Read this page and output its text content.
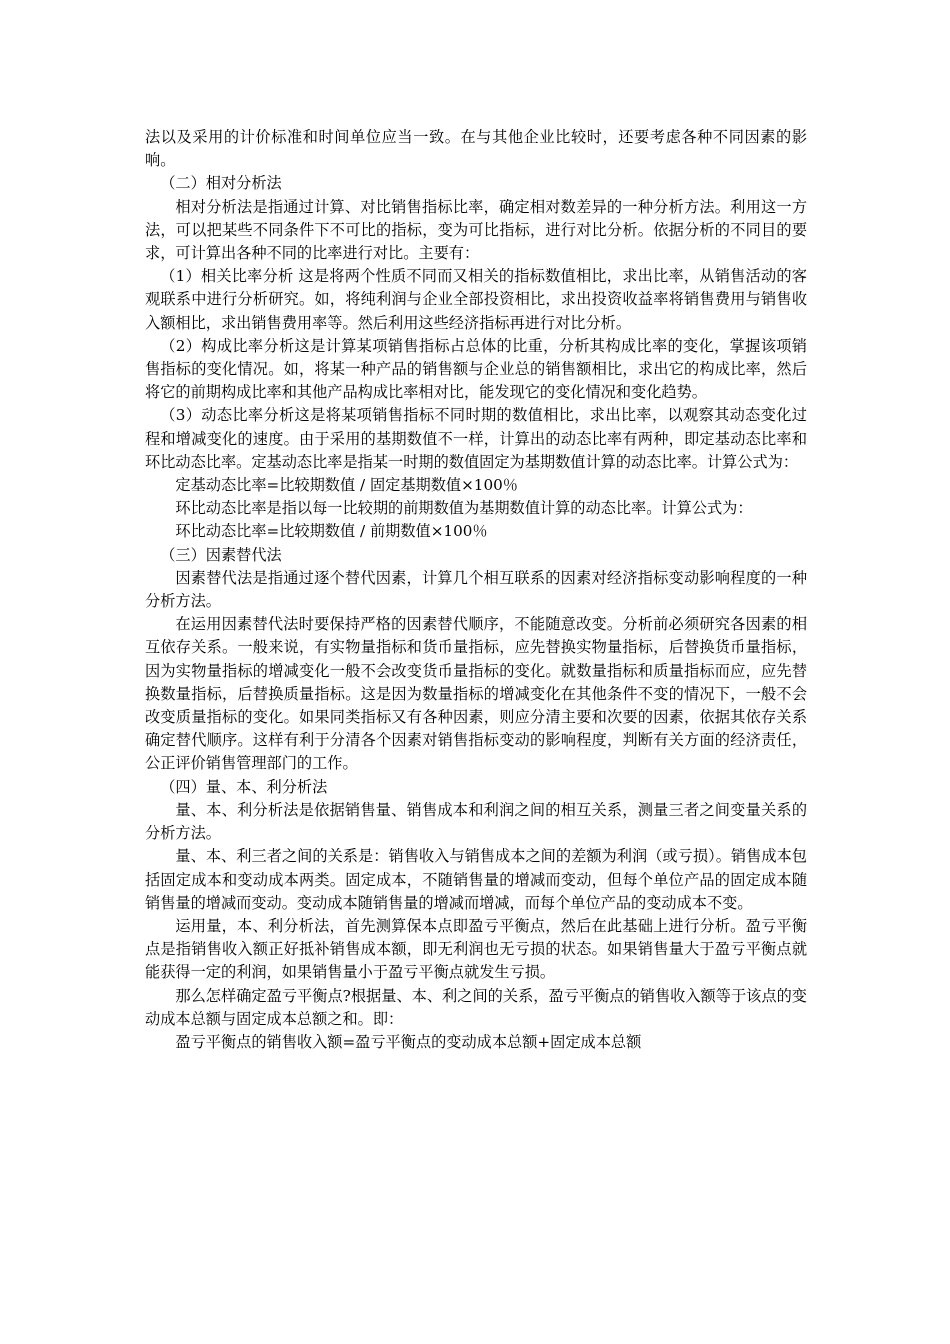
法以及采用的计价标准和时间单位应当一致。在与其他企业比较时，还要考虑各种不同因素的影响。

（二）相对分析法

相对分析法是指通过计算、对比销售指标比率，确定相对数差异的一种分析方法。利用这一方法，可以把某些不同条件下不可比的指标，变为可比指标，进行对比分析。依据分析的不同目的要求，可计算出各种不同的比率进行对比。主要有：

（1）相关比率分析 这是将两个性质不同而又相关的指标数值相比，求出比率，从销售活动的客观联系中进行分析研究。如，将纯利润与企业全部投资相比，求出投资收益率将销售费用与销售收入额相比，求出销售费用率等。然后利用这些经济指标再进行对比分析。

（2）构成比率分析这是计算某项销售指标占总体的比重，分析其构成比率的变化，掌握该项销售指标的变化情况。如，将某一种产品的销售额与企业总的销售额相比，求出它的构成比率，然后将它的前期构成比率和其他产品构成比率相对比，能发现它的变化情况和变化趋势。

（3）动态比率分析这是将某项销售指标不同时期的数值相比，求出比率，以观察其动态变化过程和增减变化的速度。由于采用的基期数值不一样，计算出的动态比率有两种，即定基动态比率和环比动态比率。定基动态比率是指某一时期的数值固定为基期数值计算的动态比率。计算公式为：

定基动态比率=比较期数值 / 固定基期数值×100％

环比动态比率是指以每一比较期的前期数值为基期数值计算的动态比率。计算公式为：

环比动态比率=比较期数值 / 前期数值×100％

（三）因素替代法

因素替代法是指通过逐个替代因素，计算几个相互联系的因素对经济指标变动影响程度的一种分析方法。

在运用因素替代法时要保持严格的因素替代顺序，不能随意改变。分析前必须研究各因素的相互依存关系。一般来说，有实物量指标和货币量指标，应先替换实物量指标，后替换货币量指标，因为实物量指标的增减变化一般不会改变货币量指标的变化。就数量指标和质量指标而应，应先替换数量指标，后替换质量指标。这是因为数量指标的增减变化在其他条件不变的情况下，一般不会改变质量指标的变化。如果同类指标又有各种因素，则应分清主要和次要的因素，依据其依存关系确定替代顺序。这样有利于分清各个因素对销售指标变动的影响程度，判断有关方面的经济责任，公正评价销售管理部门的工作。

（四）量、本、利分析法

量、本、利分析法是依据销售量、销售成本和利润之间的相互关系，测量三者之间变量关系的分析方法。

量、本、利三者之间的关系是：销售收入与销售成本之间的差额为利润（或亏损）。销售成本包括固定成本和变动成本两类。固定成本，不随销售量的增减而变动，但每个单位产品的固定成本随销售量的增减而变动。变动成本随销售量的增减而增减，而每个单位产品的变动成本不变。

运用量，本、利分析法，首先测算保本点即盈亏平衡点，然后在此基础上进行分析。盈亏平衡点是指销售收入额正好抵补销售成本额，即无利润也无亏损的状态。如果销售量大于盈亏平衡点就能获得一定的利润，如果销售量小于盈亏平衡点就发生亏损。

那么怎样确定盈亏平衡点?根据量、本、利之间的关系，盈亏平衡点的销售收入额等于该点的变动成本总额与固定成本总额之和。即：

盈亏平衡点的销售收入额=盈亏平衡点的变动成本总额+固定成本总额
